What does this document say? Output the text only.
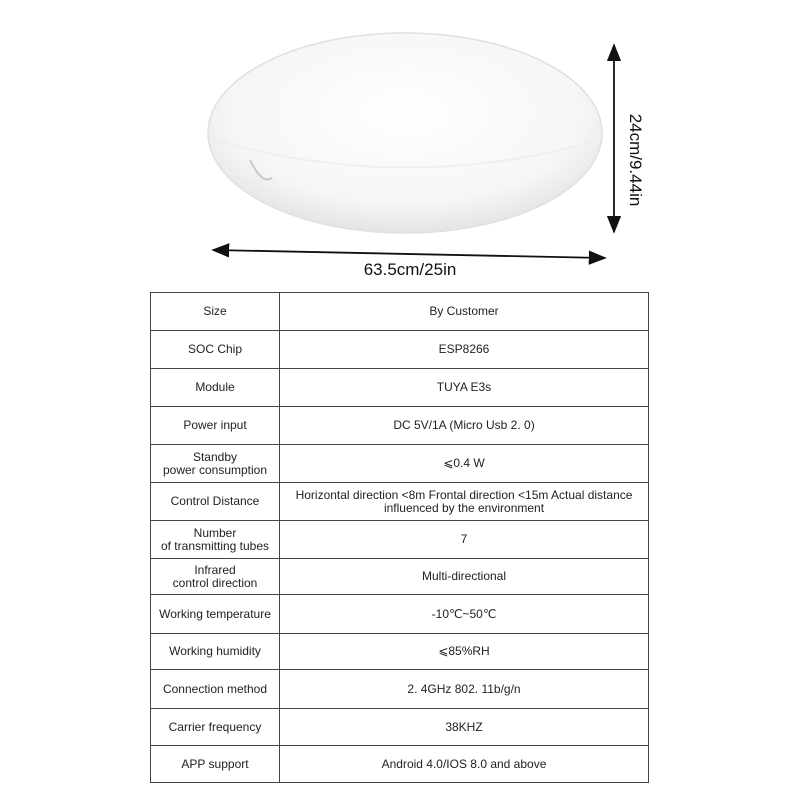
63.5cm/25in
24cm/9.44in
Size	By Customer
SOC Chip	ESP8266
Module	TUYA E3s
Power input	DC 5V/1A (Micro Usb 2. 0)
Standby
power consumption	⩽0.4 W
Control Distance	Horizontal direction <8m Frontal direction <15m Actual distance influenced by the environment
Number
of transmitting tubes	7
Infrared
control direction	Multi-directional
Working temperature	-10℃~50℃
Working humidity	⩽85%RH
Connection method	2. 4GHz 802. 11b/g/n
Carrier frequency	38KHZ
APP support	Android 4.0/IOS 8.0 and above
